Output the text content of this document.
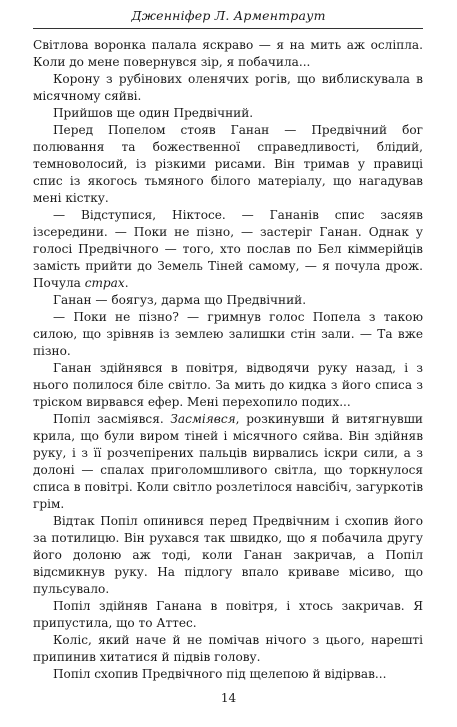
Дженніфер Л. Арментраут

Світлова воронка палала яскраво — я на мить аж осліпла. Коли до мене повернувся зір, я побачила...

Корону з рубінових оленячих рогів, що виблискувала в місячному сяйві.

Прийшов ще один Предвічний.

Перед Попелом стояв Ганан — Предвічний бог полювання та божественної справедливості, блідий, темноволосий, із різкими рисами. Він тримав у правиці спис із якогось тьмяного білого матеріалу, що нагадував мені кістку.

— Відступися, Ніктосе. — Гананів спис засяяв ізсередини. — Поки не пізно, — застеріг Ганан. Однак у голосі Предвічного — того, хто послав по Бел кіммерійців замість прийти до Земель Тіней самому, — я почула дрож. Почула страх.

Ганан — боягуз, дарма що Предвічний.

— Поки не пізно? — гримнув голос Попела з такою силою, що зрівняв із землею залишки стін зали. — Та вже пізно.

Ганан здійнявся в повітря, відводячи руку назад, і з нього полилося біле світло. За мить до кидка з його списа з тріском вирвався ефер. Мені перехопило подих...

Попіл засміявся. Засміявся, розкинувши й витягнувши крила, що були виром тіней і місячного сяйва. Він здійняв руку, і з її розчепірених пальців вирвались іскри сили, а з долоні — спалах приголомшливого світла, що торкнулося списа в повітрі. Коли світло розлетілося навсібіч, загуркотів грім.

Відтак Попіл опинився перед Предвічним і схопив його за потилицю. Він рухався так швидко, що я побачила другу його долоню аж тоді, коли Ганан закричав, а Попіл відсмикнув руку. На підлогу впало криваве місиво, що пульсувало.

Попіл здійняв Ганана в повітря, і хтось закричав. Я припустила, що то Аттес.

Коліс, який наче й не помічав нічого з цього, нарешті припинив хитатися й підвів голову.

Попіл схопив Предвічного під щелепою й відірвав...

14
